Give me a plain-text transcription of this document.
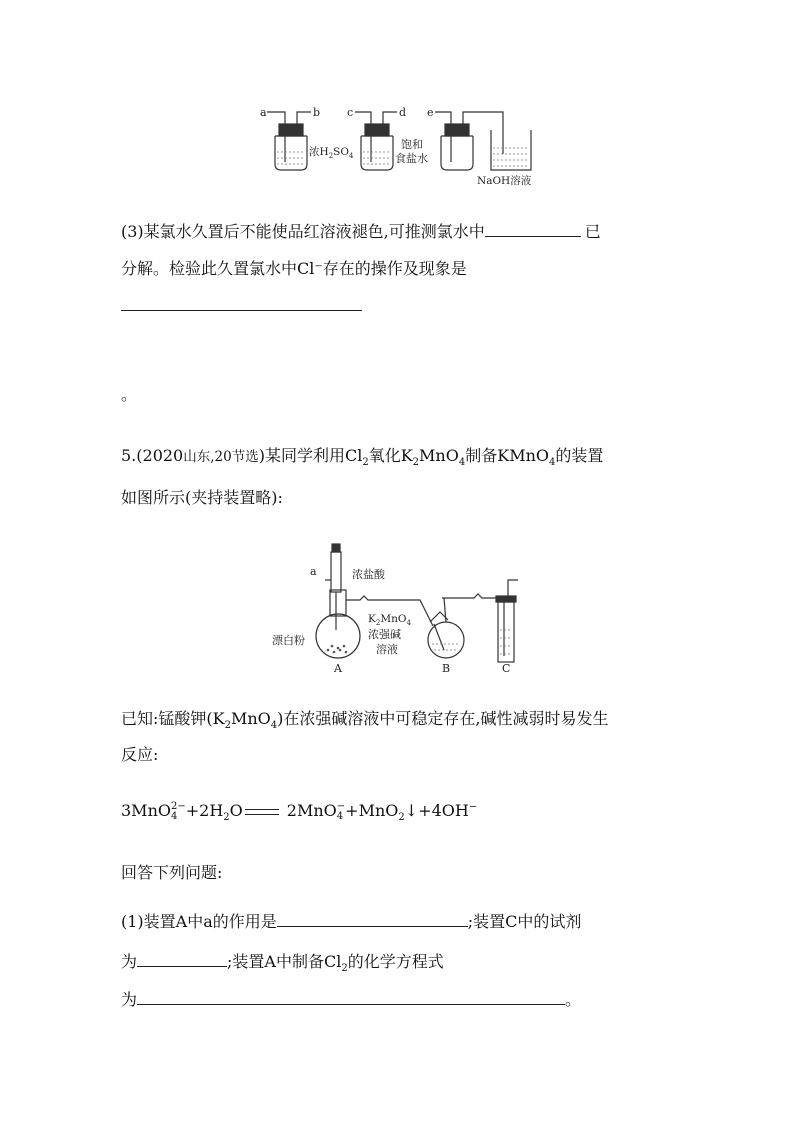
a	b c	d e
浓$H_2SO_4$
饱和
食盐水
NaOH溶液
(3)某氯水久置后不能使品红溶液褪色,可推测氯水中	已
分解。检验此久置氯水中Cl⁻存在的操作及现象是
。
5.(2020山东,20节选)某同学利用$Cl_2$氧化$K_2MnO_4$制备KMnO$_4$的装置
如图所示(夹持装置略):
a	浓盐酸
漂白粉
$K_2MnO_4$
浓强碱
溶液
A	B	C
已知:锰酸钾$(K_2MnO_4)$在浓强碱溶液中可稳定存在,碱性减弱时易发生
反应:
3MnO 2−
$4 +2H_2O$	2MnO −
4 +MnO$_2$↓+4OH−
回答下列问题:
(1)装置A中a的作用是	;装置C中的试剂
为	;装置A中制备$Cl_2$的化学方程式
为	。
